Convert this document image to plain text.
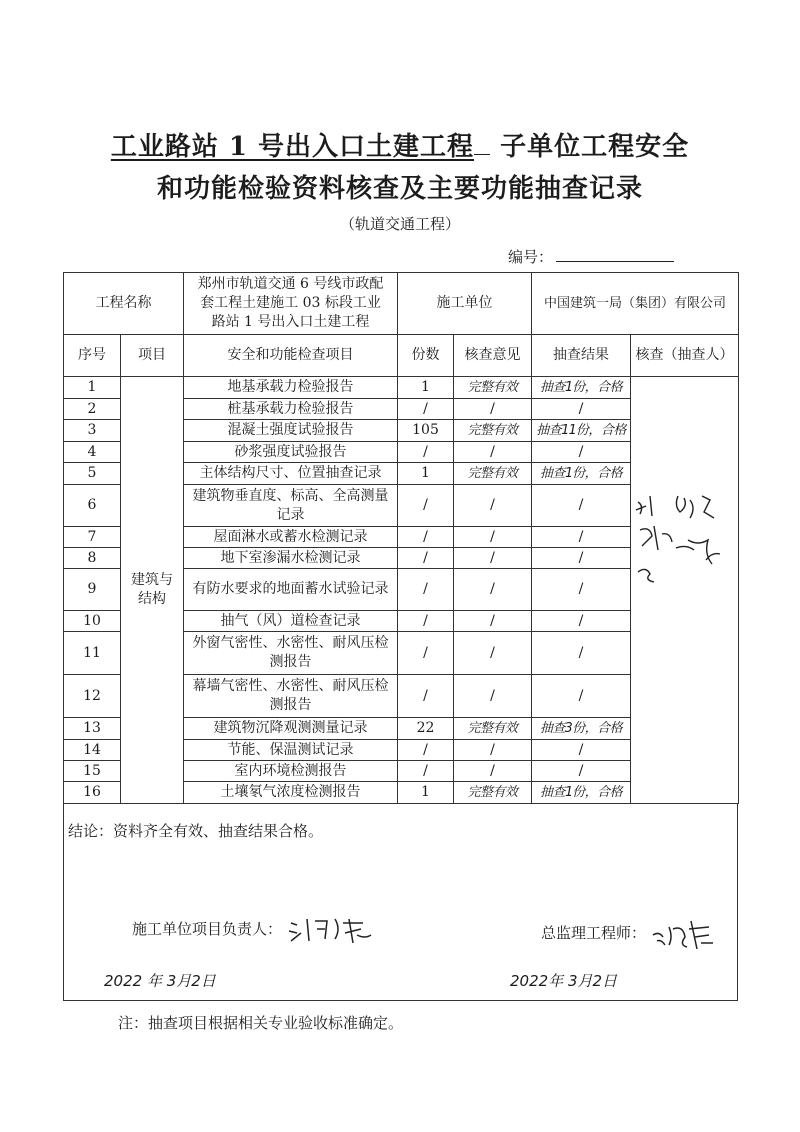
工业路站 1 号出入口土建工程 子单位工程安全
和功能检验资料核查及主要功能抽查记录
（轨道交通工程）
编号：
工程名称		郑州市轨道交通 6 号线市政配套工程土建施工 03 标段工业路站 1 号出入口土建工程	施工单位		中国建筑一局（集团）有限公司	
序号	项目	安全和功能检查项目	份数	核查意见	抽查结果	核查（抽查人）
1	建筑与结构	地基承载力检验报告	1	完整有效	抽查1份，合格	
2		桩基承载力检验报告	/	/	/	
3		混凝土强度试验报告	105	完整有效	抽查11份，合格	
4		砂浆强度试验报告	/	/	/	
5		主体结构尺寸、位置抽查记录	1	完整有效	抽查1份，合格	
6		建筑物垂直度、标高、全高测量记录	/	/	/	
7		屋面淋水或蓄水检测记录	/	/	/	
8		地下室渗漏水检测记录	/	/	/	
9		有防水要求的地面蓄水试验记录	/	/	/	
10		抽气（风）道检查记录	/	/	/	
11		外窗气密性、水密性、耐风压检测报告	/	/	/	
12		幕墙气密性、水密性、耐风压检测报告	/	/	/	
13		建筑物沉降观测测量记录	22	完整有效	抽查3份，合格	
14		节能、保温测试记录	/	/	/	
15		室内环境检测报告	/	/	/	
16		土壤氡气浓度检测报告	1	完整有效	抽查1份，合格	
结论：资料齐全有效、抽查结果合格。
施工单位项目负责人：	总监理工程师：
2022 年 3月2日	2022年 3月2日
注：抽查项目根据相关专业验收标准确定。
